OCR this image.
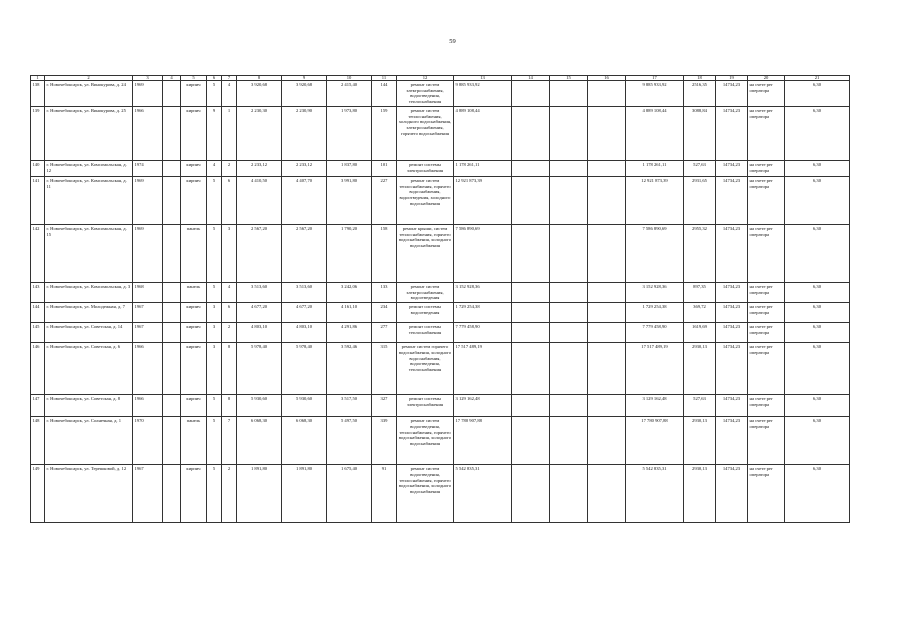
59
1	2	3	4	5	6	7	8	9	10	11	12	13	14	15	16	17	18	19	20	21
138	г. Новочебоксарск, ул. Винокурова, д. 24	1969		кирпич	5	4	3 920,68	3 920,68	2 415,40	144	ремонт систем электроснабжения, водоотведения, теплоснабжения	9 885 933,92				9 885 933,92	2516,35	14734,23	на счете рег оператора	6,30
139	г. Новочебоксарск, ул. Винокурова, д. 25	1966		кирпич	9	1	2 230,30	2 230,90	1 973,80	159	ремонт систем теплоснабжения, холодного водоснабжения, электроснабжения, горячего водоснабжения	4 889 108,44				4 889 108,44	3088,84	14734,23	на счете рег оператора	6,30
140	г. Новочебоксарск, ул. Комсомольская, д. 12	1974		кирпич	4	2	2 233,12	2 233,12	1 837,80	101	ремонт системы электроснабжения	1 178 261,11				1 178 261,11	527,63	14734,23	на счете рег оператора	6,30
141	г. Новочебоксарск, ул. Комсомольская, д. 11	1969		кирпич	5	6	4 410,50	4 407,70	3 991,80	227	ремонт систем теплоснабжения, горячего водоснабжения, водоотведения, холодного водоснабжения	12 921 873,39				12 921 873,39	2931,65	14734,23	на счете рег оператора	6,30
142	г. Новочебоксарск, ул. Комсомольская, д. 15	1969		панель	5	3	2 567,20	2 567,20	1 790,20	158	ремонт крыши, систем теплоснабжения, горячего водоснабжения, холодного водоснабжения	7 586 890,69				7 586 890,69	2955,32	14734,23	на счете рег оператора	6,30
143	г. Новочебоксарск, ул. Комсомольская, д. 3	1968		панель	5	4	3 513,60	3 513,60	3 242,06	133	ремонт систем электроснабжения, водоотведения	3 152 928,36				3 152 928,36	897,35	14734,23	на счете рег оператора	6,30
144	г. Новочебоксарск, ул. Молодежная, д. 7	1967		кирпич	3	6	4 677,20	4 677,20	4 161,10	234	ремонт системы водоотведения	1 729 254,38				1 729 254,38	369,72	14734,23	на счете рег оператора	6,30
145	г. Новочебоксарск, ул. Советская, д. 14	1967		кирпич	3	2	4 803,10	4 803,10	4 291,86	277	ремонт системы теплоснабжения	7 779 458,90				7 779 458,90	1619,69	14734,23	на счете рег оператора	6,30
146	г. Новочебоксарск, ул. Советская, д. 6	1966		кирпич	3	8	5 978,40	5 978,40	3 592,46	315	ремонт систем горячего водоснабжения, холодного водоснабжения, водоотведения, теплоснабжения	17 517 489,19				17 517 489,19	2930,13	14734,23	на счете рег оператора	6,30
147	г. Новочебоксарск, ул. Советская, д. 8	1966		кирпич	5	8	5 930,60	5 930,60	3 517,50	327	ремонт системы электроснабжения	3 129 162,48				3 129 162,48	527,63	14734,23	на счете рег оператора	6,30
148	г. Новочебоксарск, ул. Солнечная, д. 1	1970		панель	5	7	6 068,30	6 068,30	5 497,50	339	ремонт систем водоотведения, теплоснабжения, горячего водоснабжения, холодного водоснабжения	17 780 907,88				17 780 907,88	2930,13	14734,23	на счете рег оператора	6,30
149	г. Новочебоксарск, ул. Терешковой, д. 12	1967		кирпич	5	2	1 891,80	1 891,80	1 675,40	91	ремонт систем водоотведения, теплоснабжения, горячего водоснабжения, холодного водоснабжения	5 542 835,31				5 542 835,31	2930,13	14734,23	на счете рег оператора	6,30
